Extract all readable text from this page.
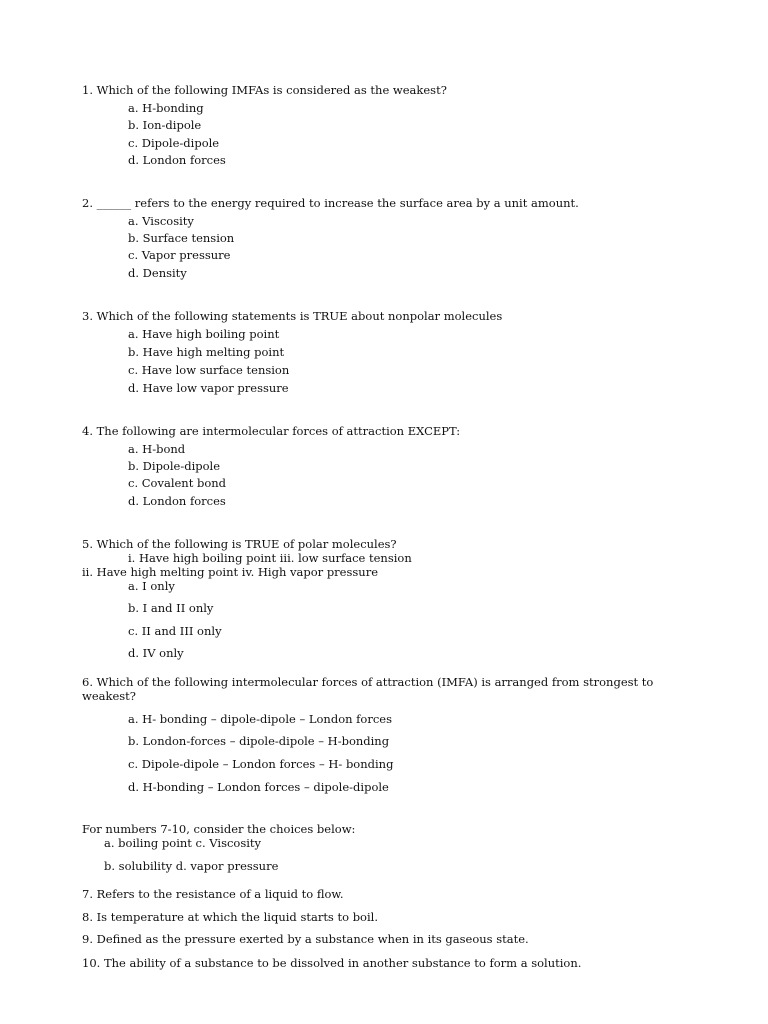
1. Which of the following IMFAs is considered as the weakest?
a. H-bonding
b. Ion-dipole
c. Dipole-dipole
d. London forces
2. ______ refers to the energy required to increase the surface area by a unit amount.
a. Viscosity
b. Surface tension
c. Vapor pressure
d. Density
3. Which of the following statements is TRUE about nonpolar molecules
a. Have high boiling point
b. Have high melting point
c. Have low surface tension
d. Have low vapor pressure
4. The following are intermolecular forces of attraction EXCEPT:
a. H-bond
b. Dipole-dipole
c. Covalent bond
d. London forces
5. Which of the following is TRUE of polar molecules?
i. Have high boiling point iii. low surface tension
ii. Have high melting point iv. High vapor pressure
a. I only
b. I and II only
c. II and III only
d. IV only
6. Which of the following intermolecular forces of attraction (IMFA) is arranged from strongest to weakest?
a. H- bonding – dipole-dipole – London forces
b. London-forces – dipole-dipole – H-bonding
c. Dipole-dipole – London forces – H- bonding
d. H-bonding – London forces – dipole-dipole
For numbers 7-10, consider the choices below:
a. boiling point c. Viscosity
b. solubility d. vapor pressure
7. Refers to the resistance of a liquid to flow.
8. Is temperature at which the liquid starts to boil.
9. Defined as the pressure exerted by a substance when in its gaseous state.
10. The ability of a substance to be dissolved in another substance to form a solution.
